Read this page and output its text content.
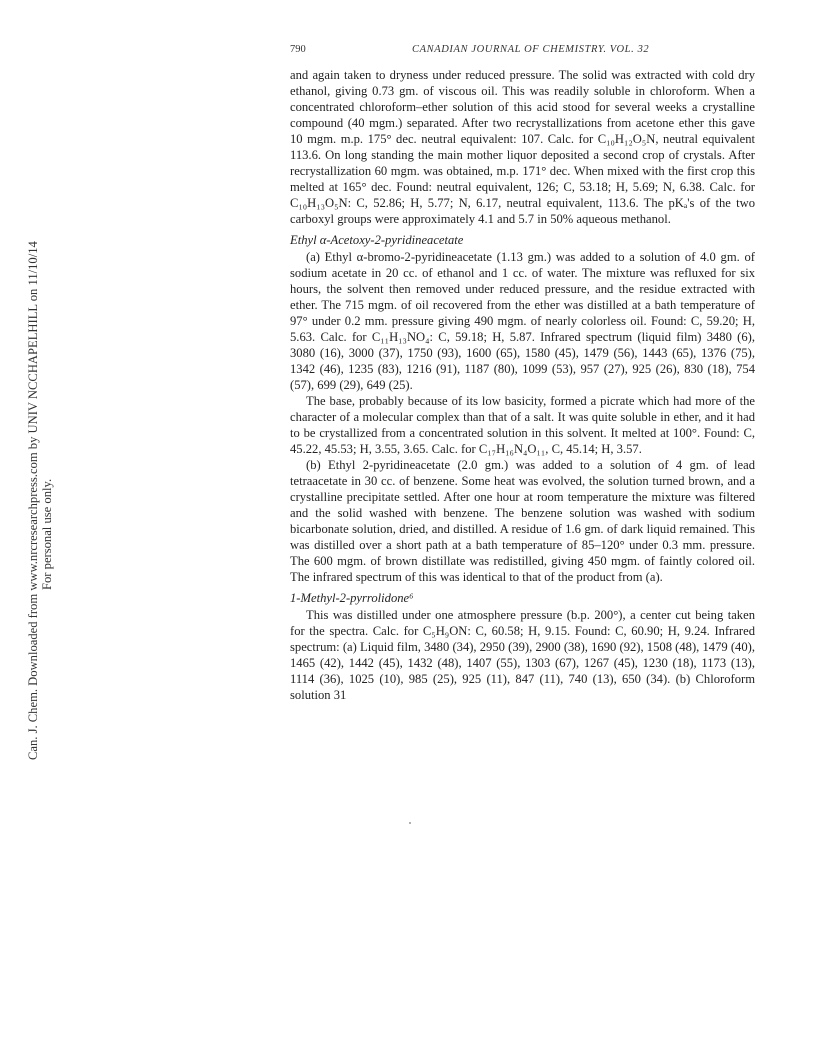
Can. J. Chem. Downloaded from www.nrcresearchpress.com by UNIV NCCHAPELHILL on 11/10/14 For personal use only.
790	CANADIAN JOURNAL OF CHEMISTRY. VOL. 32

and again taken to dryness under reduced pressure. The solid was extracted with cold dry ethanol, giving 0.73 gm. of viscous oil. This was readily soluble in chloroform. When a concentrated chloroform–ether solution of this acid stood for several weeks a crystalline compound (40 mgm.) separated. After two recrystallizations from acetone ether this gave 10 mgm. m.p. 175° dec. neutral equivalent: 107. Calc. for C₁₀H₁₂O₅N, neutral equivalent 113.6. On long standing the main mother liquor deposited a second crop of crystals. After recrystallization 60 mgm. was obtained, m.p. 171° dec. When mixed with the first crop this melted at 165° dec. Found: neutral equivalent, 126; C, 53.18; H, 5.69; N, 6.38. Calc. for C₁₀H₁₃O₅N: C, 52.86; H, 5.77; N, 6.17, neutral equivalent, 113.6. The pKₐ's of the two carboxyl groups were approximately 4.1 and 5.7 in 50% aqueous methanol.

Ethyl α-Acetoxy-2-pyridineacetate

(a) Ethyl α-bromo-2-pyridineacetate (1.13 gm.) was added to a solution of 4.0 gm. of sodium acetate in 20 cc. of ethanol and 1 cc. of water. The mixture was refluxed for six hours, the solvent then removed under reduced pressure, and the residue extracted with ether. The 715 mgm. of oil recovered from the ether was distilled at a bath temperature of 97° under 0.2 mm. pressure giving 490 mgm. of nearly colorless oil. Found: C, 59.20; H, 5.63. Calc. for C₁₁H₁₃NO₄: C, 59.18; H, 5.87. Infrared spectrum (liquid film) 3480 (6), 3080 (16), 3000 (37), 1750 (93), 1600 (65), 1580 (45), 1479 (56), 1443 (65), 1376 (75), 1342 (46), 1235 (83), 1216 (91), 1187 (80), 1099 (53), 957 (27), 925 (26), 830 (18), 754 (57), 699 (29), 649 (25).

The base, probably because of its low basicity, formed a picrate which had more of the character of a molecular complex than that of a salt. It was quite soluble in ether, and it had to be crystallized from a concentrated solution in this solvent. It melted at 100°. Found: C, 45.22, 45.53; H, 3.55, 3.65. Calc. for C₁₇H₁₆N₄O₁₁, C, 45.14; H, 3.57.

(b) Ethyl 2-pyridineacetate (2.0 gm.) was added to a solution of 4 gm. of lead tetraacetate in 30 cc. of benzene. Some heat was evolved, the solution turned brown, and a crystalline precipitate settled. After one hour at room temperature the mixture was filtered and the solid washed with benzene. The benzene solution was washed with sodium bicarbonate solution, dried, and distilled. A residue of 1.6 gm. of dark liquid remained. This was distilled over a short path at a bath temperature of 85–120° under 0.3 mm. pressure. The 600 mgm. of brown distillate was redistilled, giving 450 mgm. of faintly colored oil. The infrared spectrum of this was identical to that of the product from (a).

1-Methyl-2-pyrrolidone⁶

This was distilled under one atmosphere pressure (b.p. 200°), a center cut being taken for the spectra. Calc. for C₅H₉ON: C, 60.58; H, 9.15. Found: C, 60.90; H, 9.24. Infrared spectrum: (a) Liquid film, 3480 (34), 2950 (39), 2900 (38), 1690 (92), 1508 (48), 1479 (40), 1465 (42), 1442 (45), 1432 (48), 1407 (55), 1303 (67), 1267 (45), 1230 (18), 1173 (13), 1114 (36), 1025 (10), 985 (25), 925 (11), 847 (11), 740 (13), 650 (34). (b) Chloroform solution 31
